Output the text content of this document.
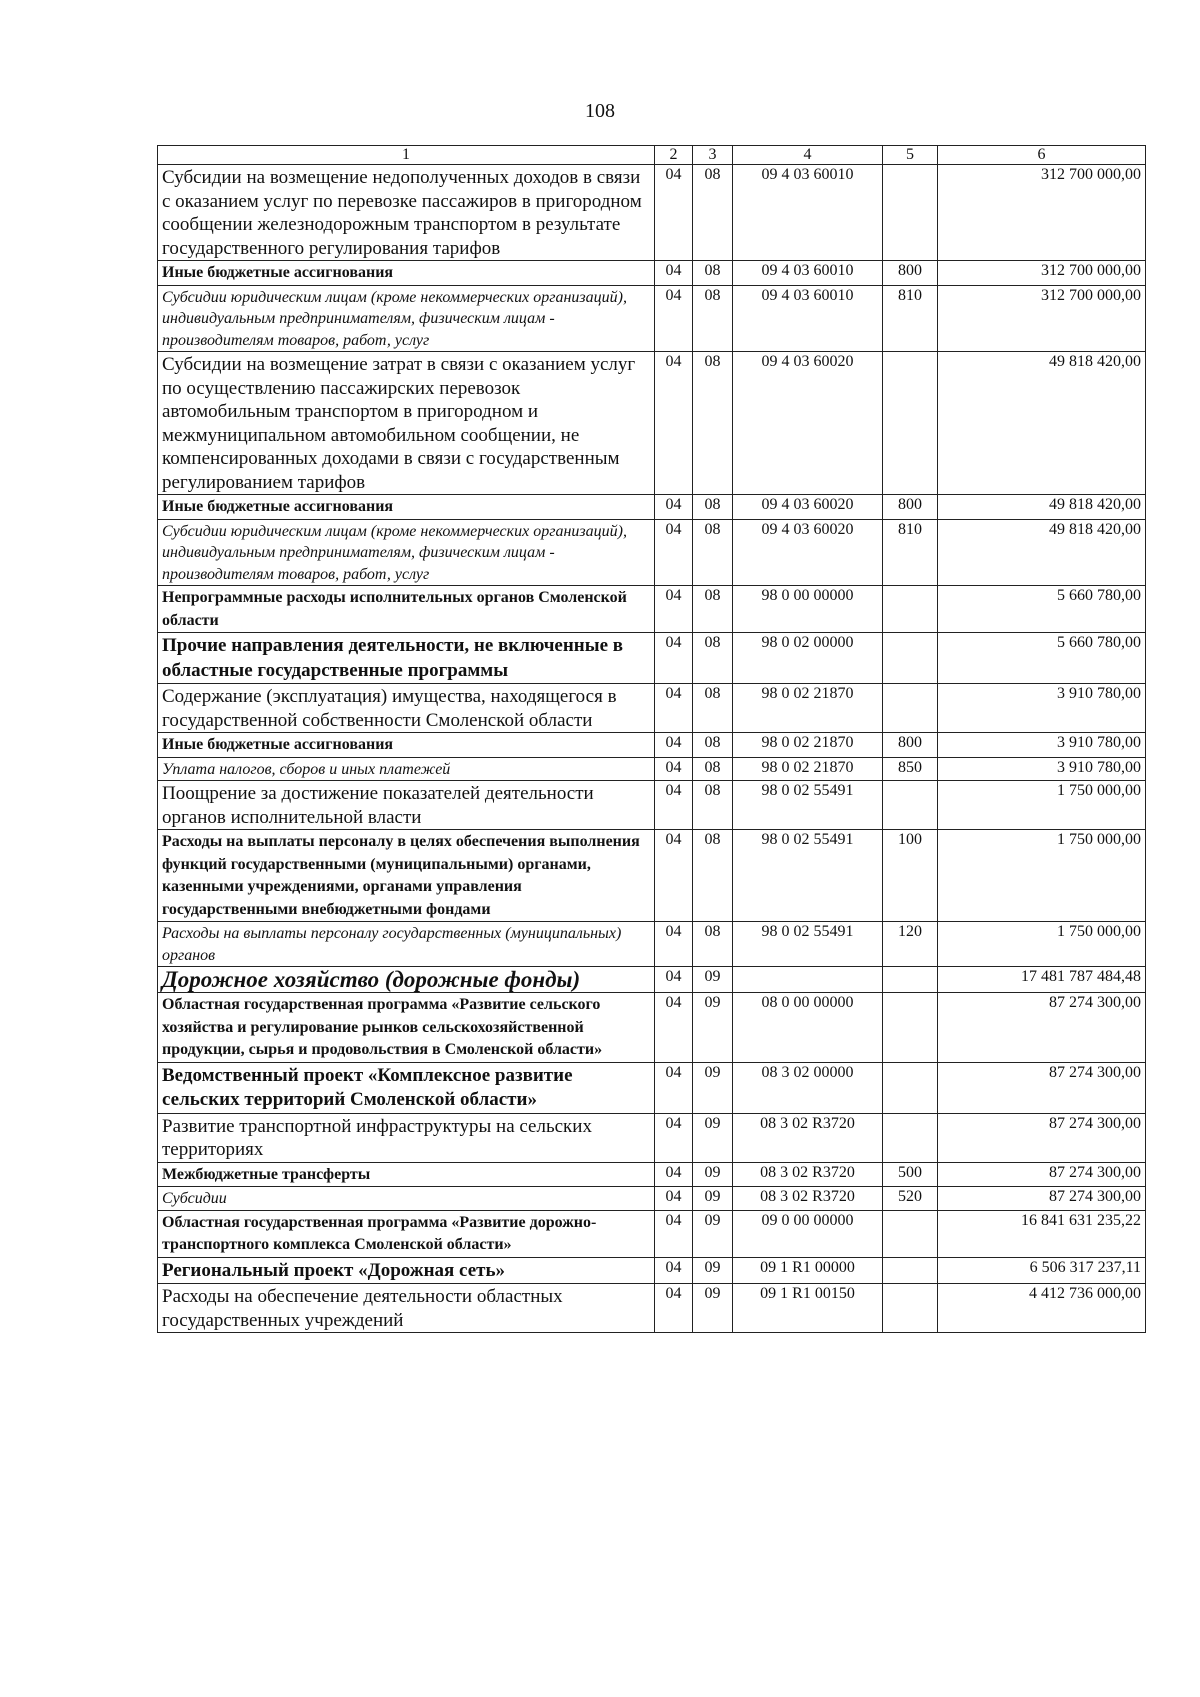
108
1	2	3	4	5	6
Субсидии на возмещение недополученных доходов в связи с оказанием услуг по перевозке пассажиров в пригородном сообщении железнодорожным транспортом в результате государственного регулирования тарифов	04	08	09 4 03 60010		312 700 000,00
Иные бюджетные ассигнования	04	08	09 4 03 60010	800	312 700 000,00
Субсидии юридическим лицам (кроме некоммерческих организаций), индивидуальным предпринимателям, физическим лицам - производителям товаров, работ, услуг	04	08	09 4 03 60010	810	312 700 000,00
Субсидии на возмещение затрат в связи с оказанием услуг по осуществлению пассажирских перевозок автомобильным транспортом в пригородном и межмуниципальном автомобильном сообщении, не компенсированных доходами в связи с государственным регулированием тарифов	04	08	09 4 03 60020		49 818 420,00
Иные бюджетные ассигнования	04	08	09 4 03 60020	800	49 818 420,00
Субсидии юридическим лицам (кроме некоммерческих организаций), индивидуальным предпринимателям, физическим лицам - производителям товаров, работ, услуг	04	08	09 4 03 60020	810	49 818 420,00
Непрограммные расходы исполнительных органов Смоленской области	04	08	98 0 00 00000		5 660 780,00
Прочие направления деятельности, не включенные в областные государственные программы	04	08	98 0 02 00000		5 660 780,00
Содержание (эксплуатация) имущества, находящегося в государственной собственности Смоленской области	04	08	98 0 02 21870		3 910 780,00
Иные бюджетные ассигнования	04	08	98 0 02 21870	800	3 910 780,00
Уплата налогов, сборов и иных платежей	04	08	98 0 02 21870	850	3 910 780,00
Поощрение за достижение показателей деятельности органов исполнительной власти	04	08	98 0 02 55491		1 750 000,00
Расходы на выплаты персоналу в целях обеспечения выполнения функций государственными (муниципальными) органами, казенными учреждениями, органами управления государственными внебюджетными фондами	04	08	98 0 02 55491	100	1 750 000,00
Расходы на выплаты персоналу государственных (муниципальных) органов	04	08	98 0 02 55491	120	1 750 000,00
Дорожное хозяйство (дорожные фонды)	04	09			17 481 787 484,48
Областная государственная программа «Развитие сельского хозяйства и регулирование рынков сельскохозяйственной продукции, сырья и продовольствия в Смоленской области»	04	09	08 0 00 00000		87 274 300,00
Ведомственный проект «Комплексное развитие сельских территорий Смоленской области»	04	09	08 3 02 00000		87 274 300,00
Развитие транспортной инфраструктуры на сельских территориях	04	09	08 3 02 R3720		87 274 300,00
Межбюджетные трансферты	04	09	08 3 02 R3720	500	87 274 300,00
Субсидии	04	09	08 3 02 R3720	520	87 274 300,00
Областная государственная программа «Развитие дорожно-транспортного комплекса Смоленской области»	04	09	09 0 00 00000		16 841 631 235,22
Региональный проект «Дорожная сеть»	04	09	09 1 R1 00000		6 506 317 237,11
Расходы на обеспечение деятельности областных государственных учреждений	04	09	09 1 R1 00150		4 412 736 000,00
